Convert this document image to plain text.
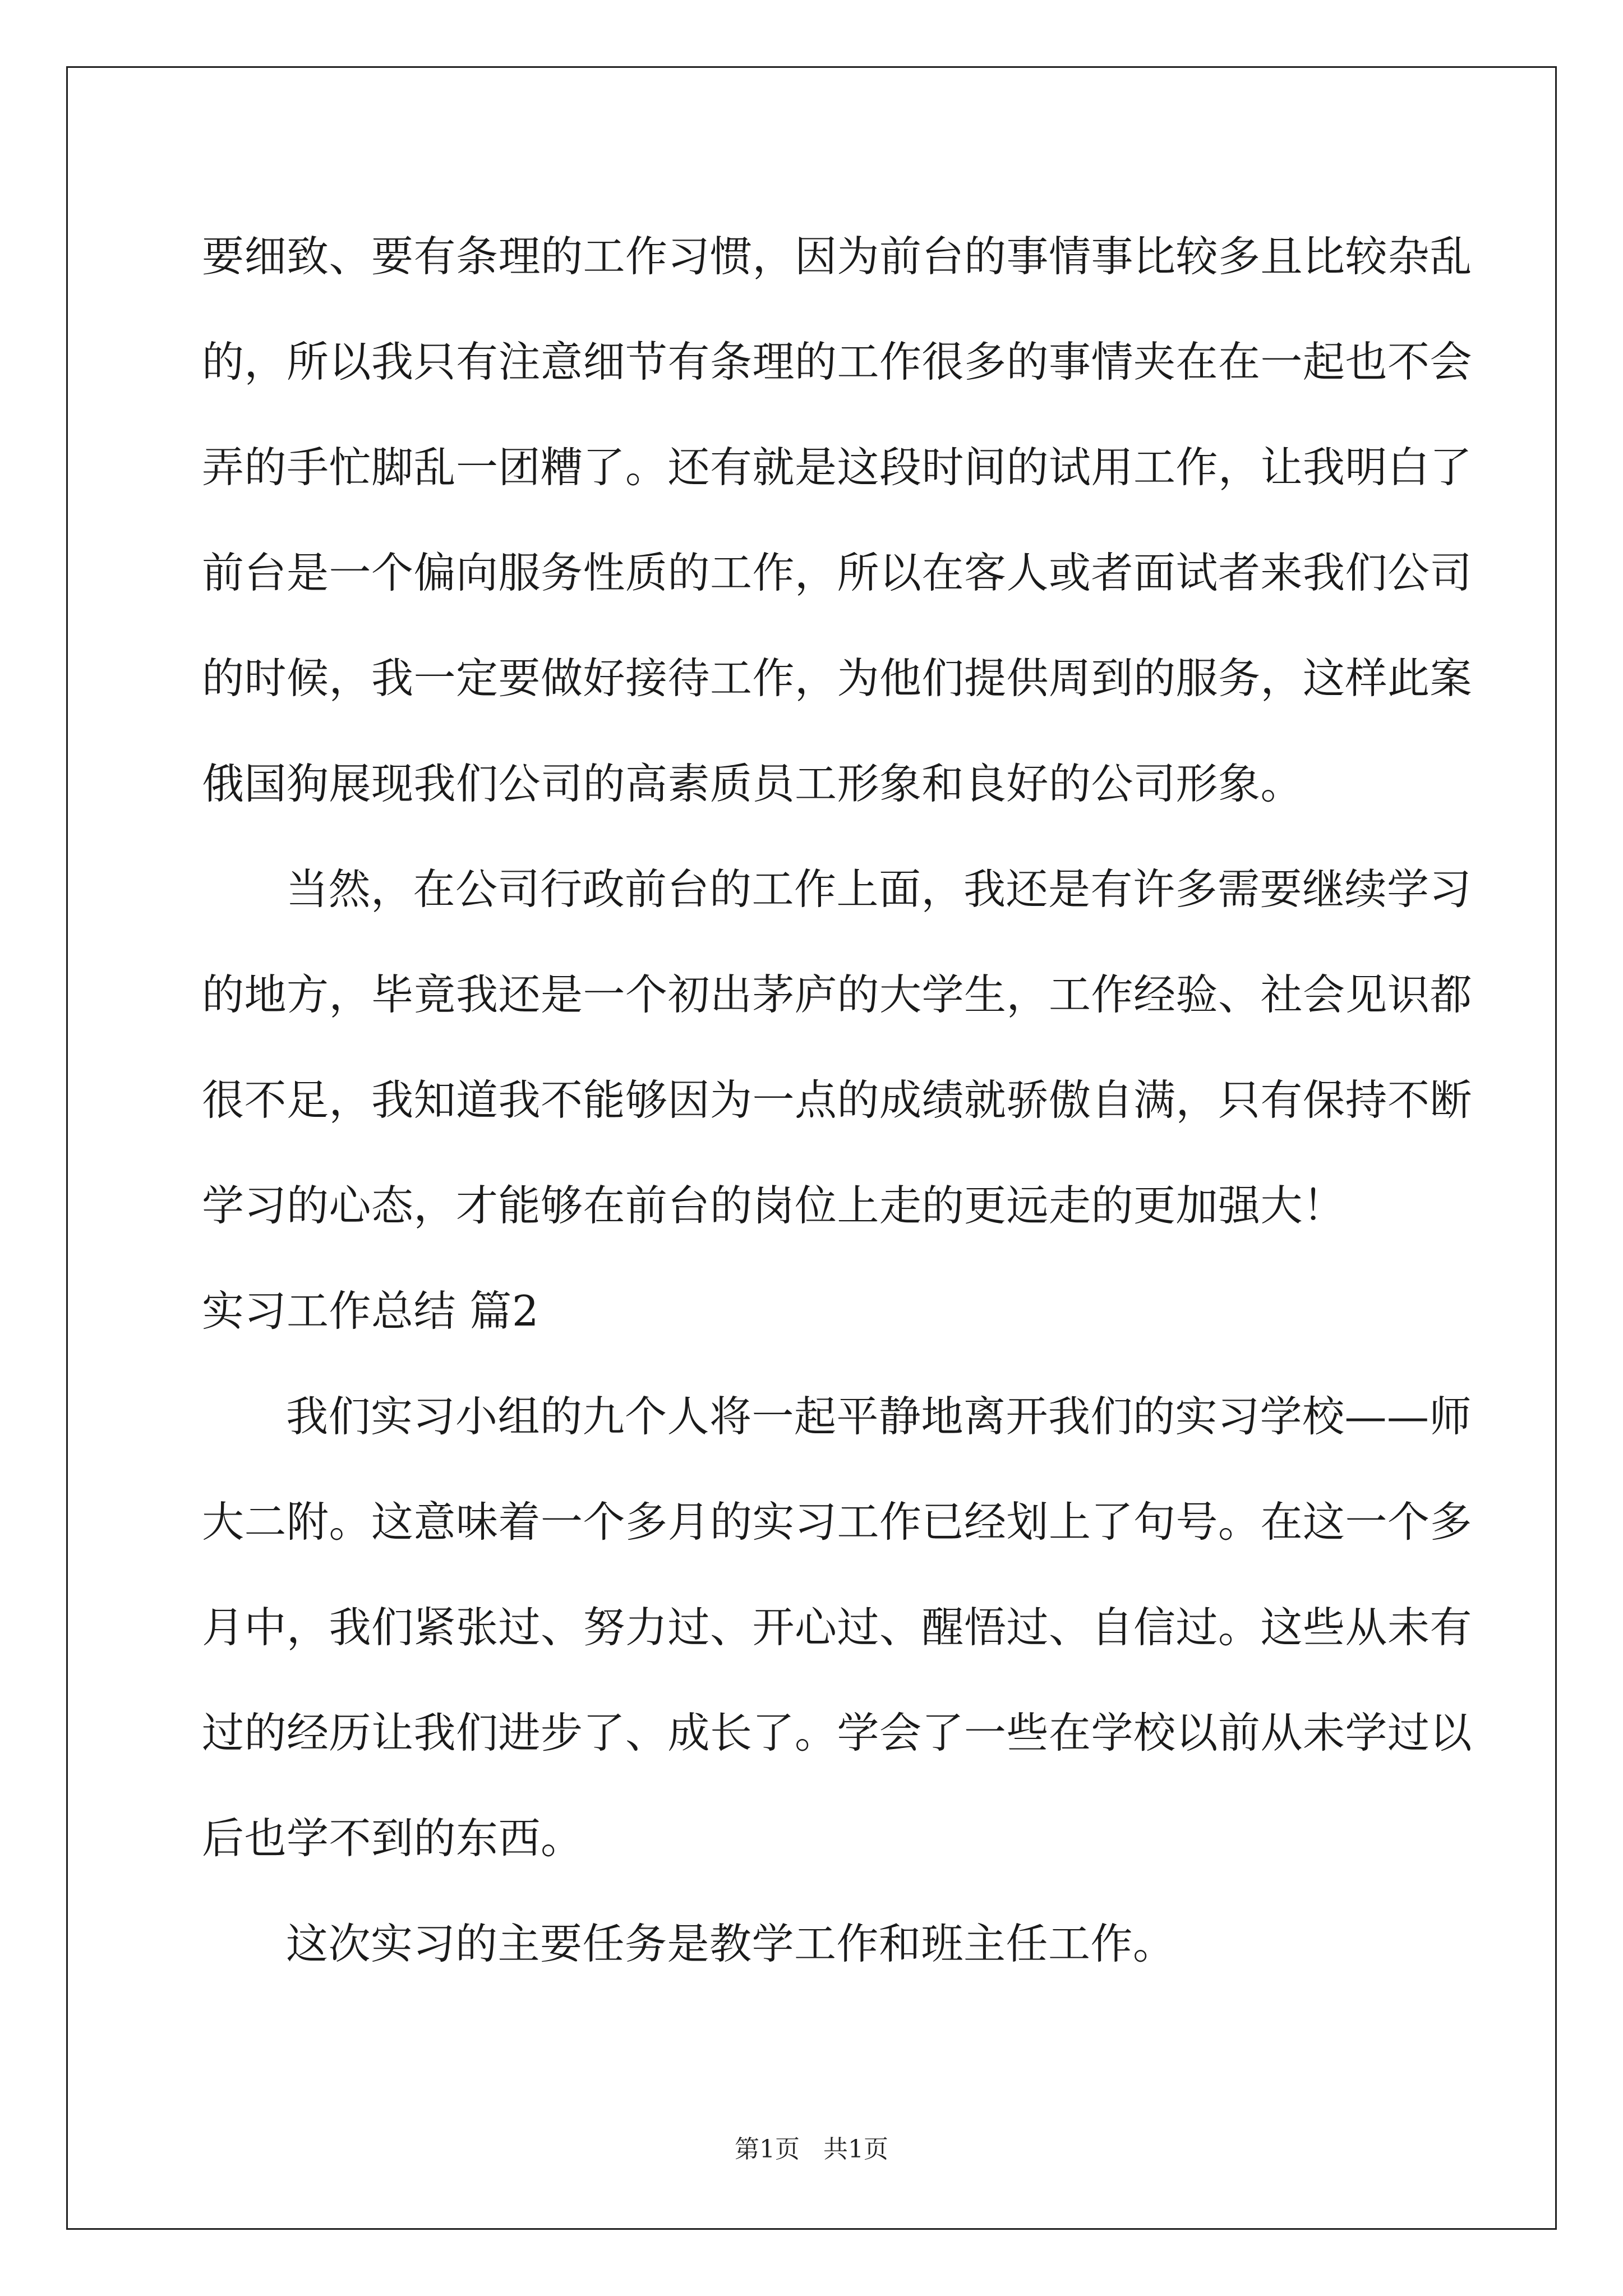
要细致、要有条理的工作习惯，因为前台的事情事比较多且比较杂乱
的，所以我只有注意细节有条理的工作很多的事情夹在在一起也不会
弄的手忙脚乱一团糟了。还有就是这段时间的试用工作，让我明白了
前台是一个偏向服务性质的工作，所以在客人或者面试者来我们公司
的时候，我一定要做好接待工作，为他们提供周到的服务，这样此案
俄国狗展现我们公司的高素质员工形象和良好的公司形象。
当然，在公司行政前台的工作上面，我还是有许多需要继续学习
的地方，毕竟我还是一个初出茅庐的大学生，工作经验、社会见识都
很不足，我知道我不能够因为一点的成绩就骄傲自满，只有保持不断
学习的心态，才能够在前台的岗位上走的更远走的更加强大！
实习工作总结 篇2
我们实习小组的九个人将一起平静地离开我们的实习学校——师
大二附。这意味着一个多月的实习工作已经划上了句号。在这一个多
月中，我们紧张过、努力过、开心过、醒悟过、自信过。这些从未有
过的经历让我们进步了、成长了。学会了一些在学校以前从未学过以
后也学不到的东西。
这次实习的主要任务是教学工作和班主任工作。
第1页 共1页
